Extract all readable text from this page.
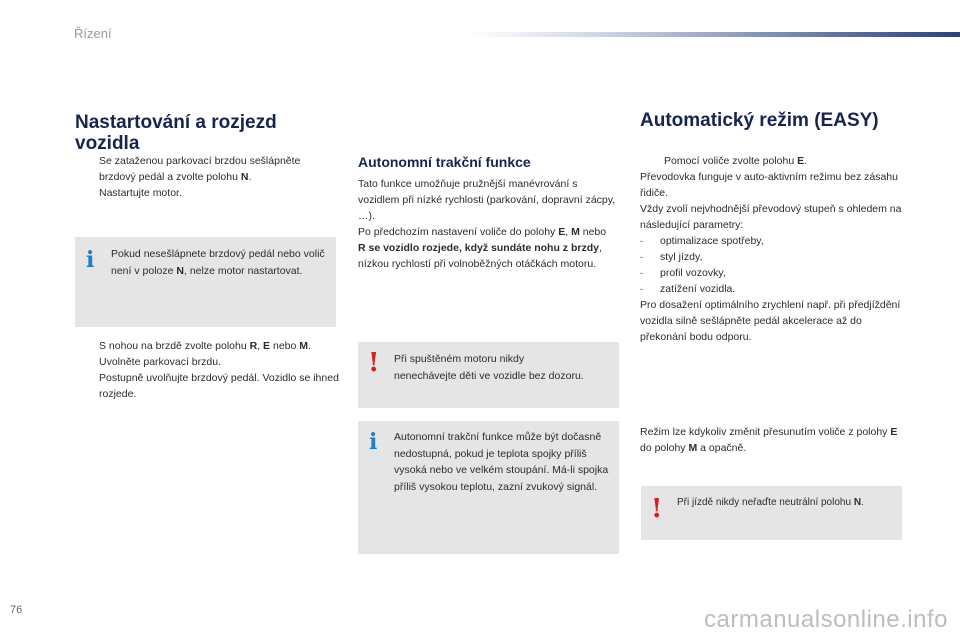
Řízení
Nastartování a rozjezd
vozidla
Se zataženou parkovací brzdou sešlápněte brzdový pedál a zvolte polohu N.
Nastartujte motor.
i Pokud nesešlápnete brzdový pedál nebo volič není v poloze N, nelze motor nastartovat.
S nohou na brzdě zvolte polohu R, E nebo M.
Uvolněte parkovací brzdu.
Postupně uvolňujte brzdový pedál. Vozidlo se ihned rozjede.
Autonomní trakční funkce
Tato funkce umožňuje pružnější manévrování s vozidlem při nízké rychlosti (parkování, dopravní zácpy, …).
Po předchozím nastavení voliče do polohy E, M nebo R se vozidlo rozjede, když sundáte nohu z brzdy, nízkou rychlostí při volnoběžných otáčkách motoru.
! Při spuštěném motoru nikdy nenechávejte děti ve vozidle bez dozoru.
i Autonomní trakční funkce může být dočasně nedostupná, pokud je teplota spojky příliš vysoká nebo ve velkém stoupání. Má-li spojka příliš vysokou teplotu, zazní zvukový signál.
Automatický režim (EASY)
Pomocí voliče zvolte polohu E.
Převodovka funguje v auto-aktivním režimu bez zásahu řidiče.
Vždy zvolí nejvhodnější převodový stupeň s ohledem na následující parametry:
- optimalizace spotřeby,
- styl jízdy,
- profil vozovky,
- zatížení vozidla.
Pro dosažení optimálního zrychlení např. při předjíždění vozidla silně sešlápněte pedál akcelerace až do překonání bodu odporu.
Režim lze kdykoliv změnit přesunutím voliče z polohy E do polohy M a opačně.
! Při jízdě nikdy neřaďte neutrální polohu N.
76	carmanualsonline.info
